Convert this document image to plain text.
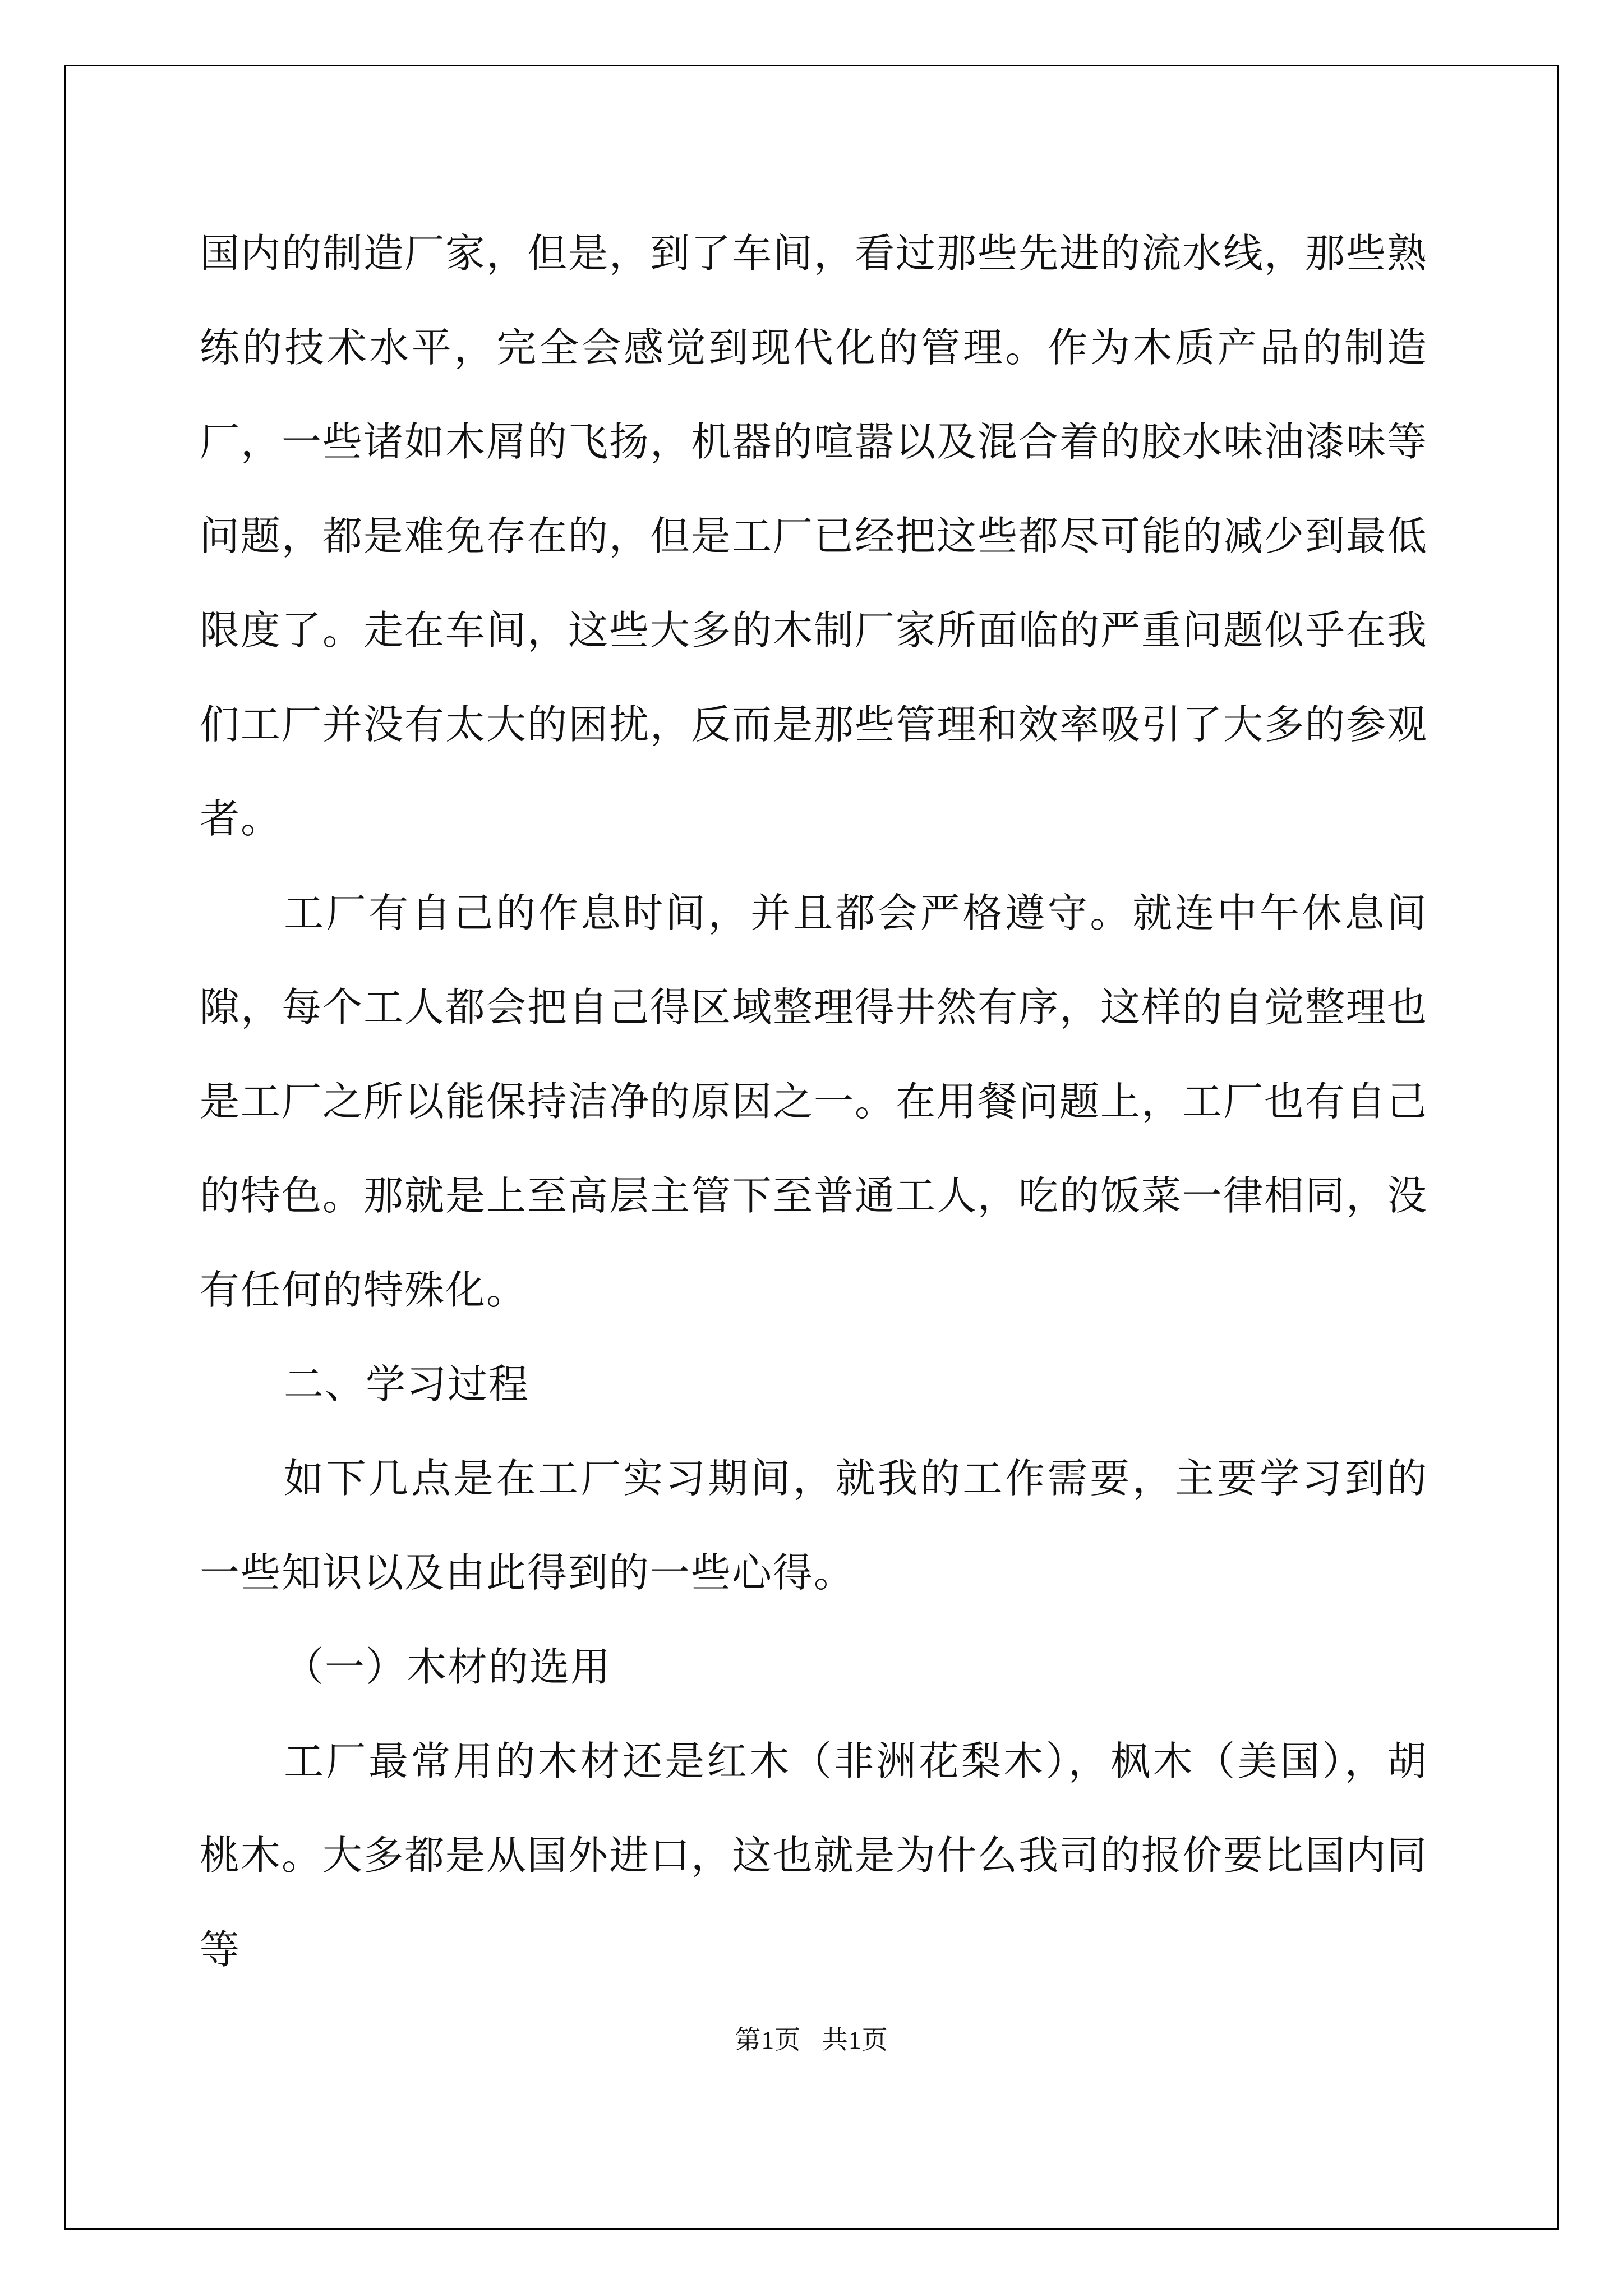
国内的制造厂家，但是，到了车间，看过那些先进的流水线，那些熟练的技术水平，完全会感觉到现代化的管理。作为木质产品的制造厂，一些诸如木屑的飞扬，机器的喧嚣以及混合着的胶水味油漆味等问题，都是难免存在的，但是工厂已经把这些都尽可能的减少到最低限度了。走在车间，这些大多的木制厂家所面临的严重问题似乎在我们工厂并没有太大的困扰，反而是那些管理和效率吸引了大多的参观者。

工厂有自己的作息时间，并且都会严格遵守。就连中午休息间隙，每个工人都会把自己得区域整理得井然有序，这样的自觉整理也是工厂之所以能保持洁净的原因之一。在用餐问题上，工厂也有自己的特色。那就是上至高层主管下至普通工人，吃的饭菜一律相同，没有任何的特殊化。

二、学习过程

如下几点是在工厂实习期间，就我的工作需要，主要学习到的一些知识以及由此得到的一些心得。

（一）木材的选用

工厂最常用的木材还是红木（非洲花梨木），枫木（美国），胡桃木。大多都是从国外进口，这也就是为什么我司的报价要比国内同等

第1页 共1页
